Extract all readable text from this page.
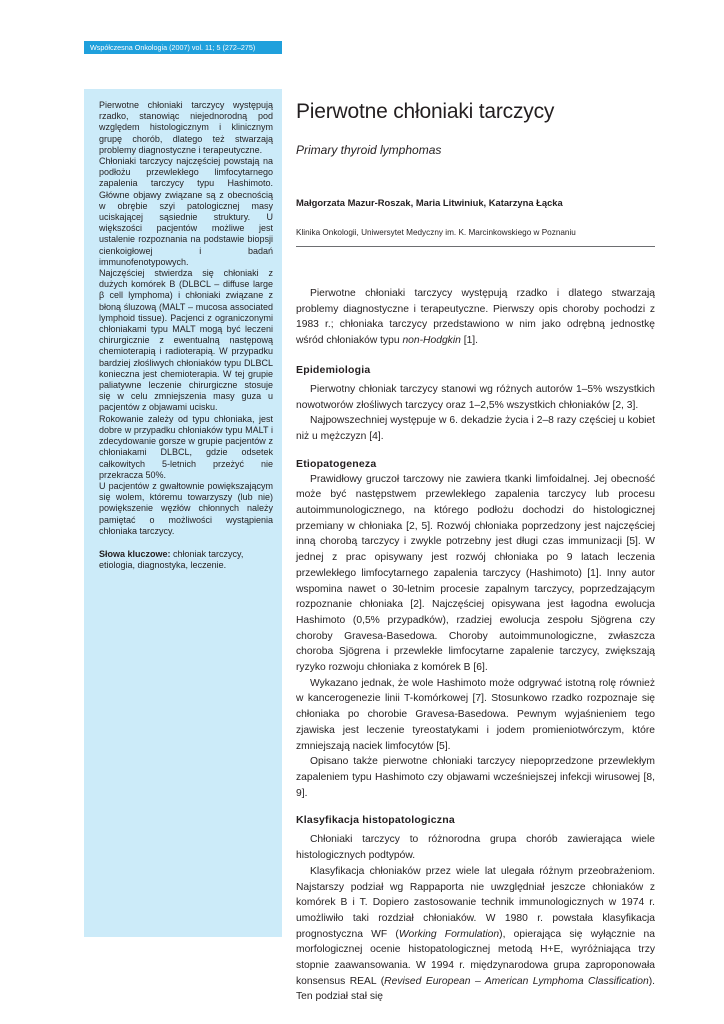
Współczesna Onkologia (2007) vol. 11; 5 (272–275)

Pierwotne chłoniaki tarczycy występują rzadko, stanowiąc niejednorodną pod względem histologicznym i klinicznym grupę chorób, dlatego też stwarzają problemy diagnostyczne i terapeutyczne.

Chłoniaki tarczycy najczęściej powstają na podłożu przewlekłego limfocytarnego zapalenia tarczycy typu Hashimoto. Główne objawy związane są z obecnością w obrębie szyi patologicznej masy uciskającej sąsiednie struktury. U większości pacjentów możliwe jest ustalenie rozpoznania na podstawie biopsji cienkoigłowej i badań immunofenotypowych.

Najczęściej stwierdza się chłoniaki z dużych komórek B (DLBCL – diffuse large β cell lymphoma) i chłoniaki związane z błoną śluzową (MALT – mucosa associated lymphoid tissue). Pacjenci z ograniczonymi chłoniakami typu MALT mogą być leczeni chirurgicznie z ewentualną następową chemioterapią i radioterapią. W przypadku bardziej złośliwych chłoniaków typu DLBCL konieczna jest chemioterapia. W tej grupie paliatywne leczenie chirurgiczne stosuje się w celu zmniejszenia masy guza u pacjentów z objawami ucisku.

Rokowanie zależy od typu chłoniaka, jest dobre w przypadku chłoniaków typu MALT i zdecydowanie gorsze w grupie pacjentów z chłoniakami DLBCL, gdzie odsetek całkowitych 5-letnich przeżyć nie przekracza 50%.

U pacjentów z gwałtownie powiększającym się wolem, któremu towarzyszy (lub nie) powiększenie węzłów chłonnych należy pamiętać o możliwości wystąpienia chłoniaka tarczycy.

Słowa kluczowe: chłoniak tarczycy, etiologia, diagnostyka, leczenie.

Pierwotne chłoniaki tarczycy

Primary thyroid lymphomas

Małgorzata Mazur-Roszak, Maria Litwiniuk, Katarzyna Łącka

Klinika Onkologii, Uniwersytet Medyczny im. K. Marcinkowskiego w Poznaniu

Pierwotne chłoniaki tarczycy występują rzadko i dlatego stwarzają problemy diagnostyczne i terapeutyczne. Pierwszy opis choroby pochodzi z 1983 r.; chłoniaka tarczycy przedstawiono w nim jako odrębną jednostkę wśród chłoniaków typu non-Hodgkin [1].

Epidemiologia

Pierwotny chłoniak tarczycy stanowi wg różnych autorów 1–5% wszystkich nowotworów złośliwych tarczycy oraz 1–2,5% wszystkich chłoniaków [2, 3].

Najpowszechniej występuje w 6. dekadzie życia i 2–8 razy częściej u kobiet niż u mężczyzn [4].

Etiopatogeneza

Prawidłowy gruczoł tarczowy nie zawiera tkanki limfoidalnej. Jej obecność może być następstwem przewlekłego zapalenia tarczycy lub procesu autoimmunologicznego, na którego podłożu dochodzi do histologicznej przemiany w chłoniaka [2, 5]. Rozwój chłoniaka poprzedzony jest najczęściej inną chorobą tarczycy i zwykle potrzebny jest długi czas immunizacji [5]. W jednej z prac opisywany jest rozwój chłoniaka po 9 latach leczenia przewlekłego limfocytarnego zapalenia tarczycy (Hashimoto) [1]. Inny autor wspomina nawet o 30-letnim procesie zapalnym tarczycy, poprzedzającym rozpoznanie chłoniaka [2]. Najczęściej opisywana jest łagodna ewolucja Hashimoto (0,5% przypadków), rzadziej ewolucja zespołu Sjögrena czy choroby Gravesa-Basedowa. Choroby autoimmunologiczne, zwłaszcza choroba Sjögrena i przewlekłe limfocytarne zapalenie tarczycy, zwiększają ryzyko rozwoju chłoniaka z komórek B [6].

Wykazano jednak, że wole Hashimoto może odgrywać istotną rolę również w kancerogenezie linii T-komórkowej [7]. Stosunkowo rzadko rozpoznaje się chłoniaka po chorobie Gravesa-Basedowa. Pewnym wyjaśnieniem tego zjawiska jest leczenie tyreostatykami i jodem promieniotwórczym, które zmniejszają naciek limfocytów [5].

Opisano także pierwotne chłoniaki tarczycy niepoprzedzone przewlekłym zapaleniem typu Hashimoto czy objawami wcześniejszej infekcji wirusowej [8, 9].

Klasyfikacja histopatologiczna

Chłoniaki tarczycy to różnorodna grupa chorób zawierająca wiele histologicznych podtypów.

Klasyfikacja chłoniaków przez wiele lat ulegała różnym przeobrażeniom. Najstarszy podział wg Rappaporta nie uwzględniał jeszcze chłoniaków z komórek B i T. Dopiero zastosowanie technik immunologicznych w 1974 r. umożliwiło taki rozdział chłoniaków. W 1980 r. powstała klasyfikacja prognostyczna WF (Working Formulation), opierająca się wyłącznie na morfologicznej ocenie histopatologicznej metodą H+E, wyróżniająca trzy stopnie zaawansowania. W 1994 r. międzynarodowa grupa zaproponowała konsensus REAL (Revised European – American Lymphoma Classification). Ten podział stał się
